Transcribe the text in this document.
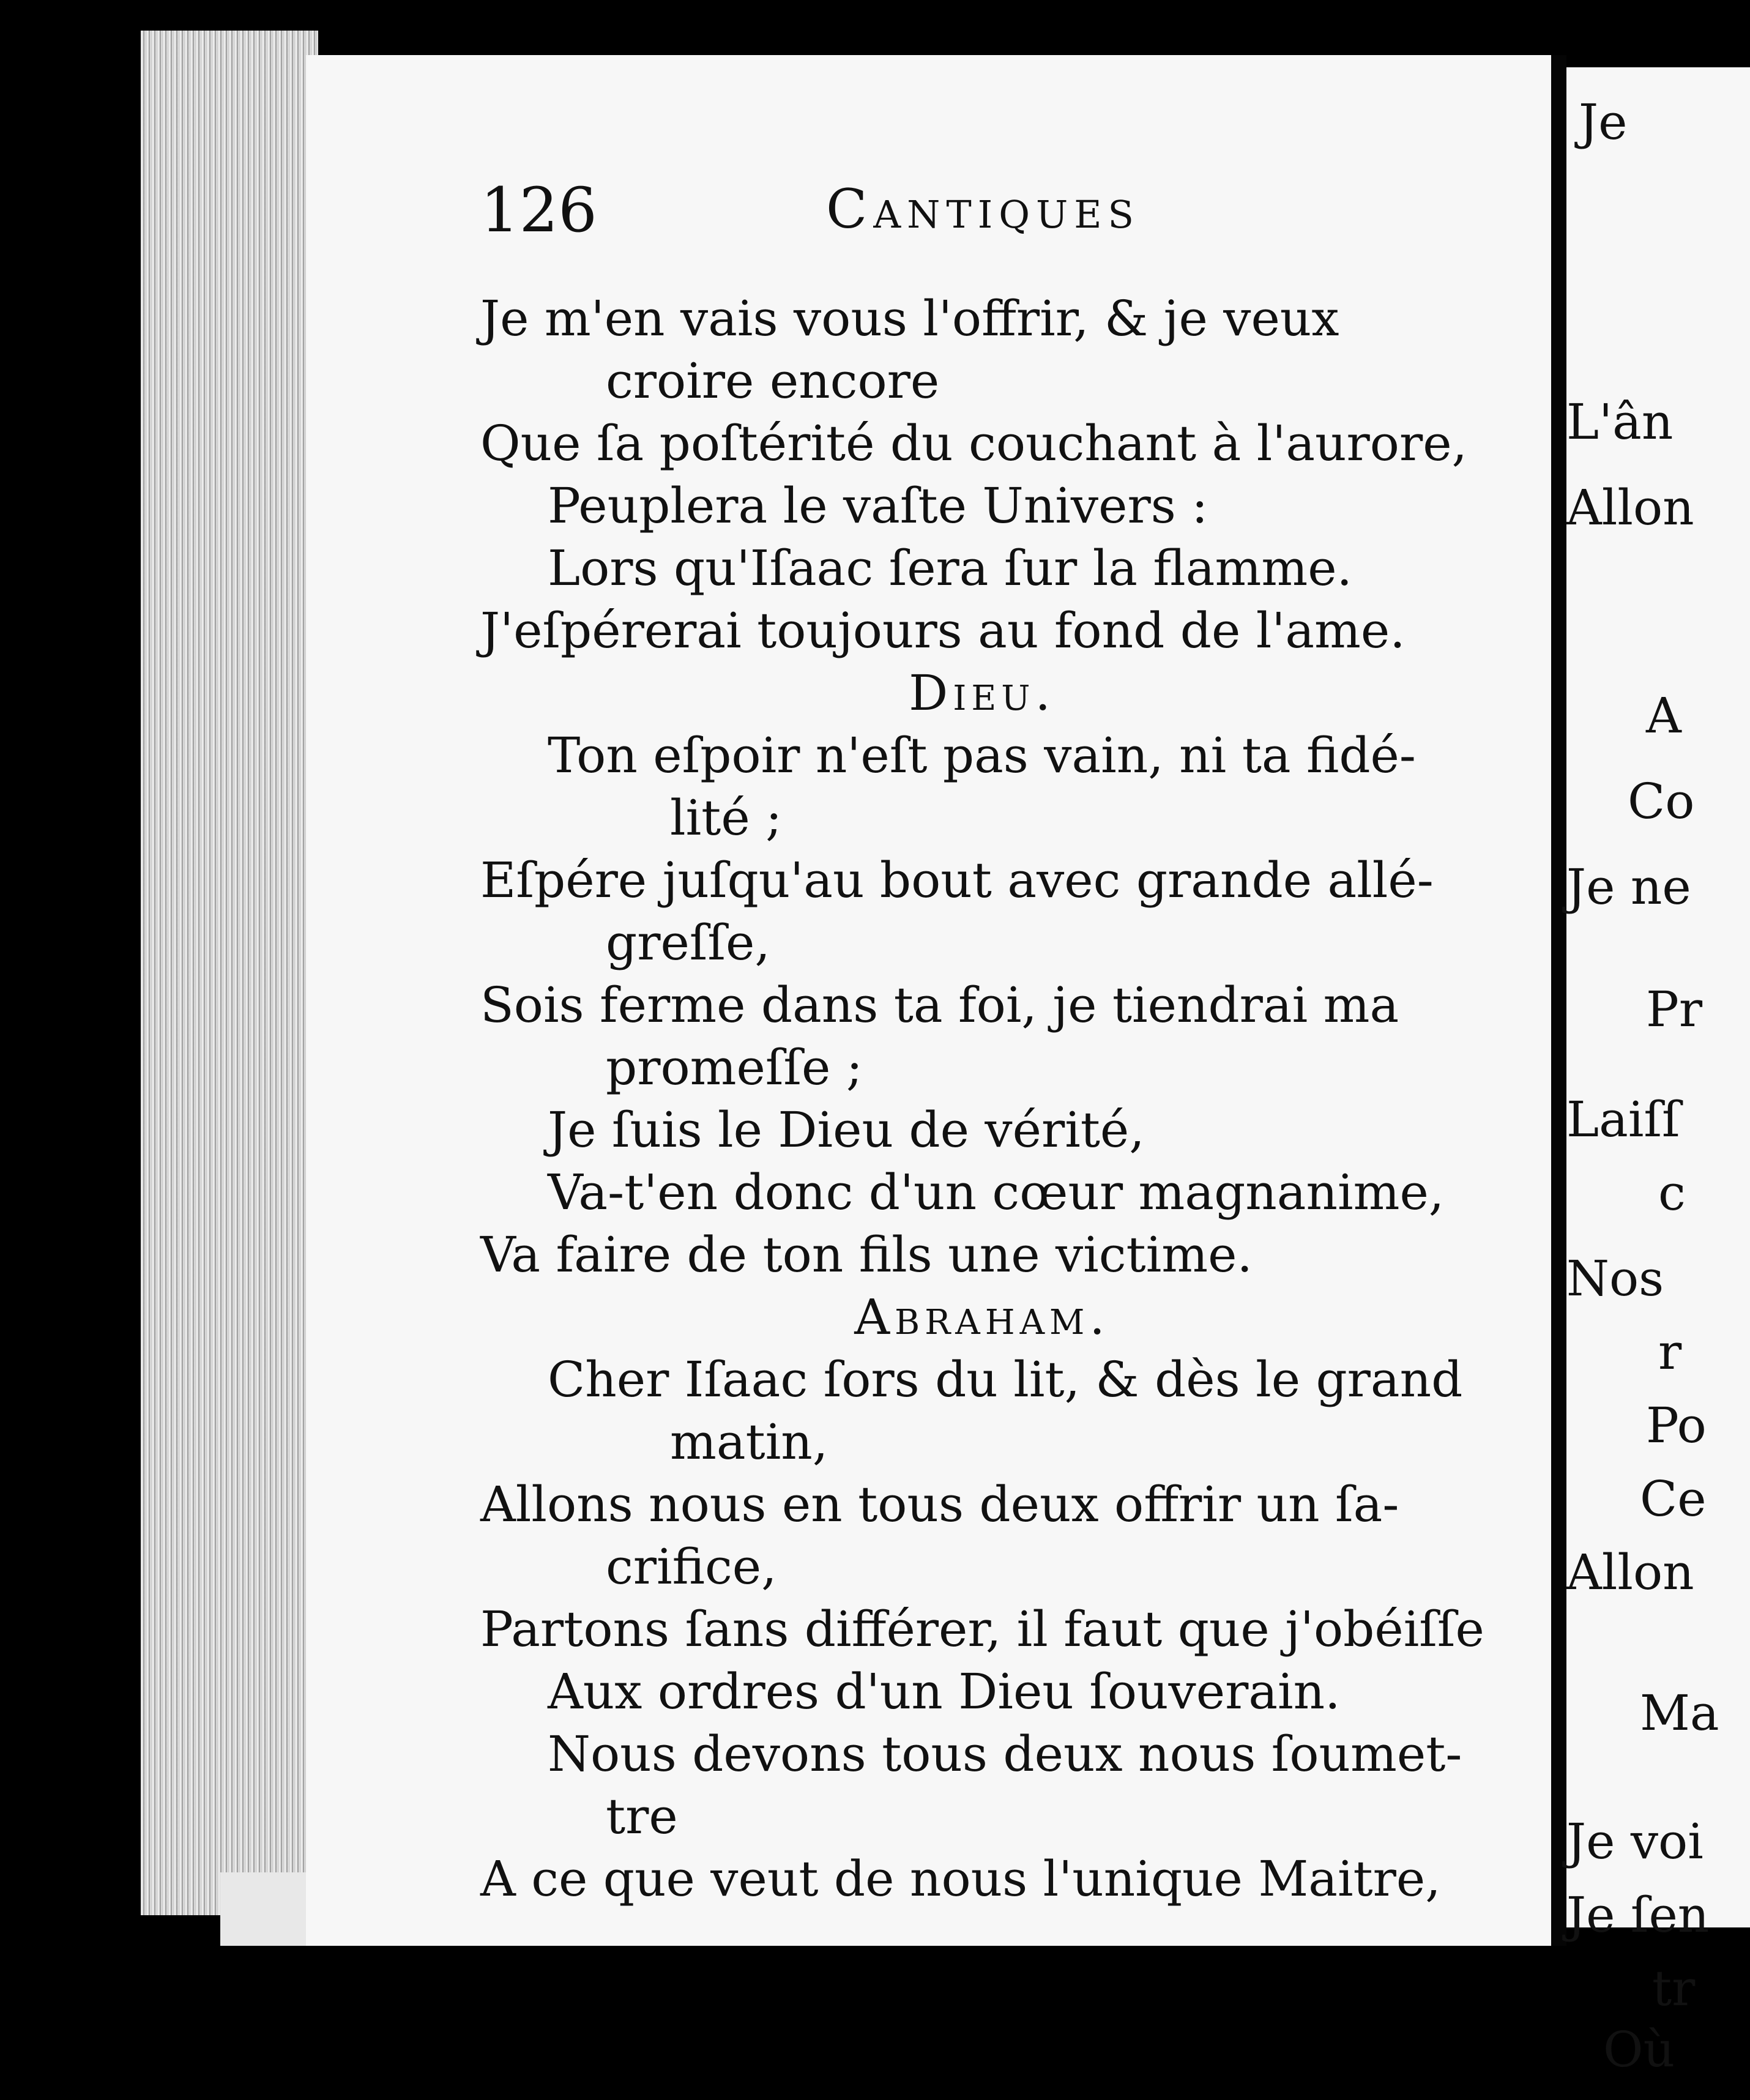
126	Cantiques
Je m'en vais vous l'offrir, & je veux
croire encore
Que ſa poſtérité du couchant à l'aurore,
Peuplera le vaſte Univers :
Lors qu'Iſaac ſera ſur la flamme.
J'eſpérerai toujours au fond de l'ame.
Dieu.
Ton eſpoir n'eſt pas vain, ni ta fidé-
lité ;
Eſpére juſqu'au bout avec grande allé-
greſſe,
Sois ferme dans ta foi, je tiendrai ma
promeſſe ;
Je ſuis le Dieu de vérité,
Va-t'en donc d'un cœur magnanime,
Va faire de ton fils une victime.
Abraham.
Cher Iſaac ſors du lit, & dès le grand
matin,
Allons nous en tous deux offrir un ſa-
crifice,
Partons ſans différer, il faut que j'obéiſſe
Aux ordres d'un Dieu ſouverain.
Nous devons tous deux nous ſoumet-
tre
A ce que veut de nous l'unique Maitre,
Je
L'ân
Allon
A
Co
Je ne
Pr
Laiſſ
c
Nos
r
Po
Ce
Allon
Ma
Je voi
Je ſen
tr
Où
